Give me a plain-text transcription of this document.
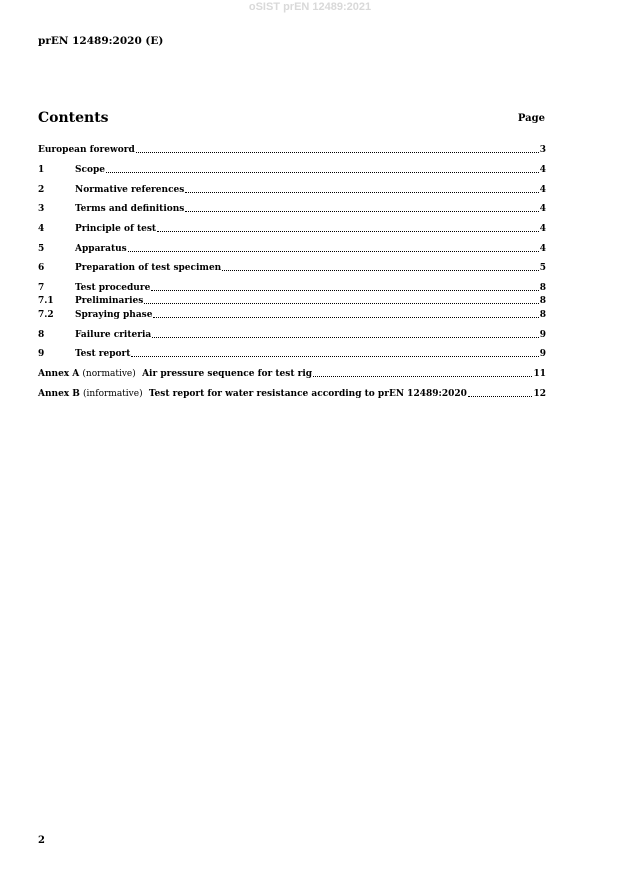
oSIST prEN 12489:2021
prEN 12489:2020 (E)
Contents	Page
European foreword	3
1	Scope	4
2	Normative references	4
3	Terms and definitions	4
4	Principle of test	4
5	Apparatus	4
6	Preparation of test specimen	5
7	Test procedure	8
7.1	Preliminaries	8
7.2	Spraying phase	8
8	Failure criteria	9
9	Test report	9
Annex A (normative) Air pressure sequence for test rig	11
Annex B (informative) Test report for water resistance according to prEN 12489:2020	12
2
